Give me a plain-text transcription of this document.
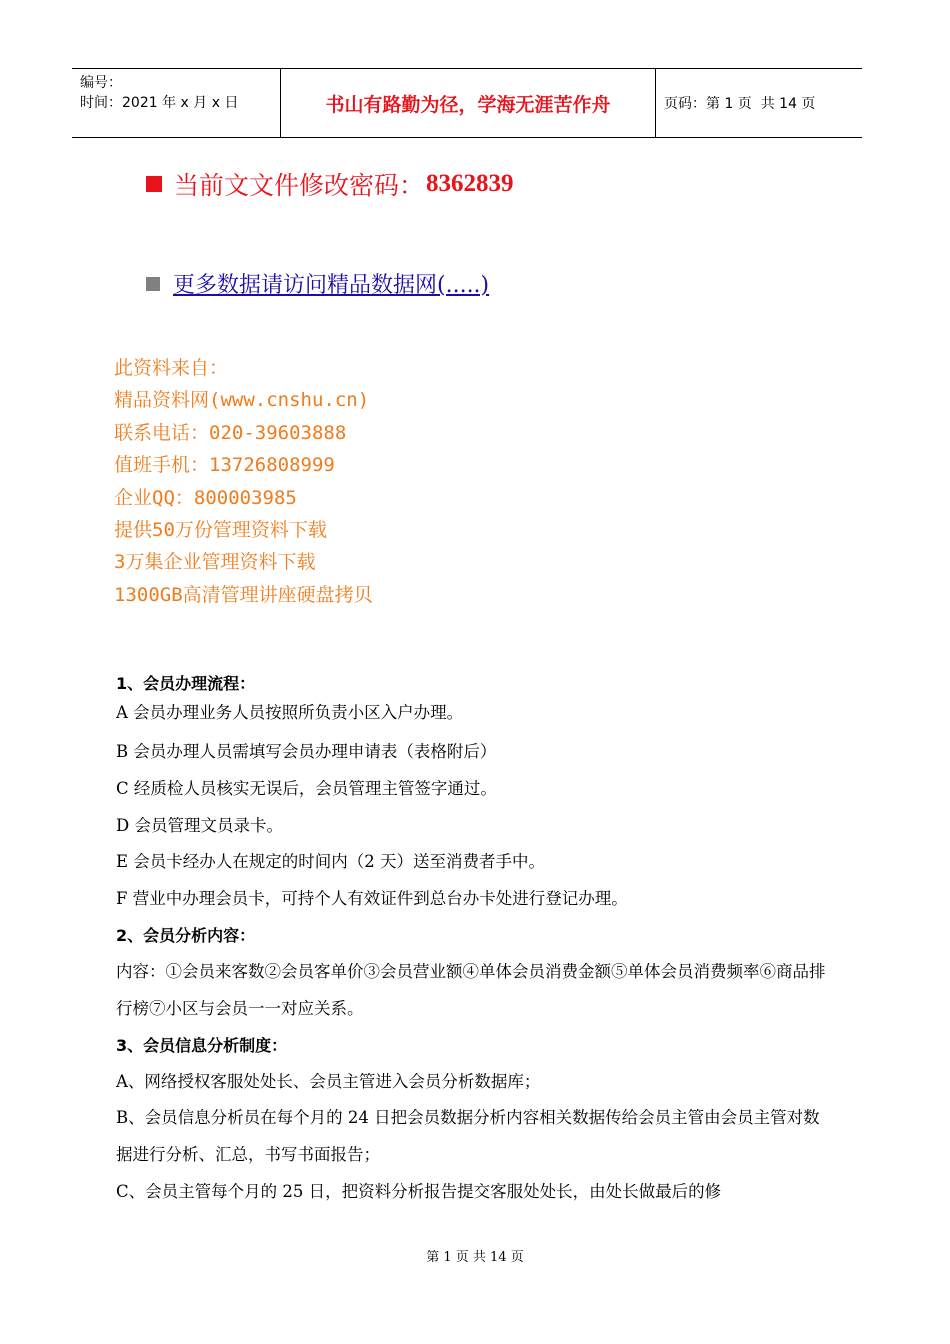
编号：
时间：2021 年 x 月 x 日	书山有路勤为径，学海无涯苦作舟	页码：第 1 页  共 14 页
当前文文件修改密码： 8362839
更多数据请访问精品数据网(.....)
此资料来自：
精品资料网(www.cnshu.cn)
联系电话：020-39603888
值班手机：13726808999
企业QQ：800003985
提供50万份管理资料下载
3万集企业管理资料下载
1300GB高清管理讲座硬盘拷贝

1、会员办理流程：

A 会员办理业务人员按照所负责小区入户办理。

B 会员办理人员需填写会员办理申请表（表格附后）

C 经质检人员核实无误后，会员管理主管签字通过。

D 会员管理文员录卡。

E 会员卡经办人在规定的时间内（2 天）送至消费者手中。

F 营业中办理会员卡，可持个人有效证件到总台办卡处进行登记办理。

2、会员分析内容：

内容：①会员来客数②会员客单价③会员营业额④单体会员消费金额⑤单体会员消费频率⑥商品排行榜⑦小区与会员一一对应关系。

3、会员信息分析制度：

A、网络授权客服处处长、会员主管进入会员分析数据库；

B、会员信息分析员在每个月的 24 日把会员数据分析内容相关数据传给会员主管由会员主管对数据进行分析、汇总，书写书面报告；

C、会员主管每个月的 25 日，把资料分析报告提交客服处处长，由处长做最后的修

第 1 页 共 14 页
